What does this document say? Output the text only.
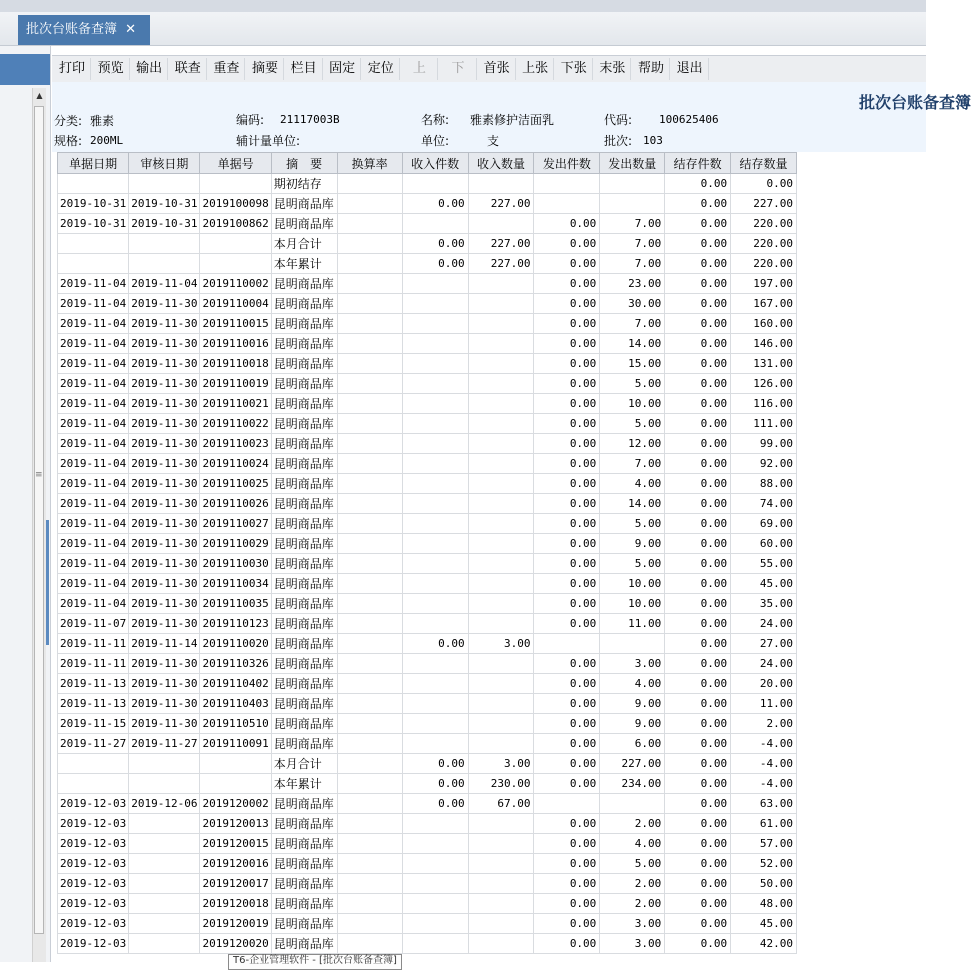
批次台账备查簿 ✕
▲
≡
打印 预览 输出 联查 重查 摘要 栏目 固定 定位	上	下	首张 上张 下张 末张 帮助 退出
批次台账备查簿
分类: 雅素	编码: 21117003B	名称: 雅素修护洁面乳	代码: 100625406
规格: 200ML	辅计量单位:	单位:	支	批次: 103
单据日期	审核日期	单据号	摘　要	换算率	收入件数	收入数量	发出件数	发出数量	结存件数	结存数量
			期初结存						0.00	0.00
2019-10-31	2019-10-31	2019100098	昆明商品库		0.00	227.00			0.00	227.00
2019-10-31	2019-10-31	2019100862	昆明商品库				0.00	7.00	0.00	220.00
			本月合计		0.00	227.00	0.00	7.00	0.00	220.00
			本年累计		0.00	227.00	0.00	7.00	0.00	220.00
2019-11-04	2019-11-04	2019110002	昆明商品库				0.00	23.00	0.00	197.00
2019-11-04	2019-11-30	2019110004	昆明商品库				0.00	30.00	0.00	167.00
2019-11-04	2019-11-30	2019110015	昆明商品库				0.00	7.00	0.00	160.00
2019-11-04	2019-11-30	2019110016	昆明商品库				0.00	14.00	0.00	146.00
2019-11-04	2019-11-30	2019110018	昆明商品库				0.00	15.00	0.00	131.00
2019-11-04	2019-11-30	2019110019	昆明商品库				0.00	5.00	0.00	126.00
2019-11-04	2019-11-30	2019110021	昆明商品库				0.00	10.00	0.00	116.00
2019-11-04	2019-11-30	2019110022	昆明商品库				0.00	5.00	0.00	111.00
2019-11-04	2019-11-30	2019110023	昆明商品库				0.00	12.00	0.00	99.00
2019-11-04	2019-11-30	2019110024	昆明商品库				0.00	7.00	0.00	92.00
2019-11-04	2019-11-30	2019110025	昆明商品库				0.00	4.00	0.00	88.00
2019-11-04	2019-11-30	2019110026	昆明商品库				0.00	14.00	0.00	74.00
2019-11-04	2019-11-30	2019110027	昆明商品库				0.00	5.00	0.00	69.00
2019-11-04	2019-11-30	2019110029	昆明商品库				0.00	9.00	0.00	60.00
2019-11-04	2019-11-30	2019110030	昆明商品库				0.00	5.00	0.00	55.00
2019-11-04	2019-11-30	2019110034	昆明商品库				0.00	10.00	0.00	45.00
2019-11-04	2019-11-30	2019110035	昆明商品库				0.00	10.00	0.00	35.00
2019-11-07	2019-11-30	2019110123	昆明商品库				0.00	11.00	0.00	24.00
2019-11-11	2019-11-14	2019110020	昆明商品库		0.00	3.00			0.00	27.00
2019-11-11	2019-11-30	2019110326	昆明商品库				0.00	3.00	0.00	24.00
2019-11-13	2019-11-30	2019110402	昆明商品库				0.00	4.00	0.00	20.00
2019-11-13	2019-11-30	2019110403	昆明商品库				0.00	9.00	0.00	11.00
2019-11-15	2019-11-30	2019110510	昆明商品库				0.00	9.00	0.00	2.00
2019-11-27	2019-11-27	2019110091	昆明商品库				0.00	6.00	0.00	-4.00
			本月合计		0.00	3.00	0.00	227.00	0.00	-4.00
			本年累计		0.00	230.00	0.00	234.00	0.00	-4.00
2019-12-03	2019-12-06	2019120002	昆明商品库		0.00	67.00			0.00	63.00
2019-12-03		2019120013	昆明商品库				0.00	2.00	0.00	61.00
2019-12-03		2019120015	昆明商品库				0.00	4.00	0.00	57.00
2019-12-03		2019120016	昆明商品库				0.00	5.00	0.00	52.00
2019-12-03		2019120017	昆明商品库				0.00	2.00	0.00	50.00
2019-12-03		2019120018	昆明商品库				0.00	2.00	0.00	48.00
2019-12-03		2019120019	昆明商品库				0.00	3.00	0.00	45.00
2019-12-03		2019120020	昆明商品库				0.00	3.00	0.00	42.00
T6-企业管理软件 - [批次台账备查簿]
